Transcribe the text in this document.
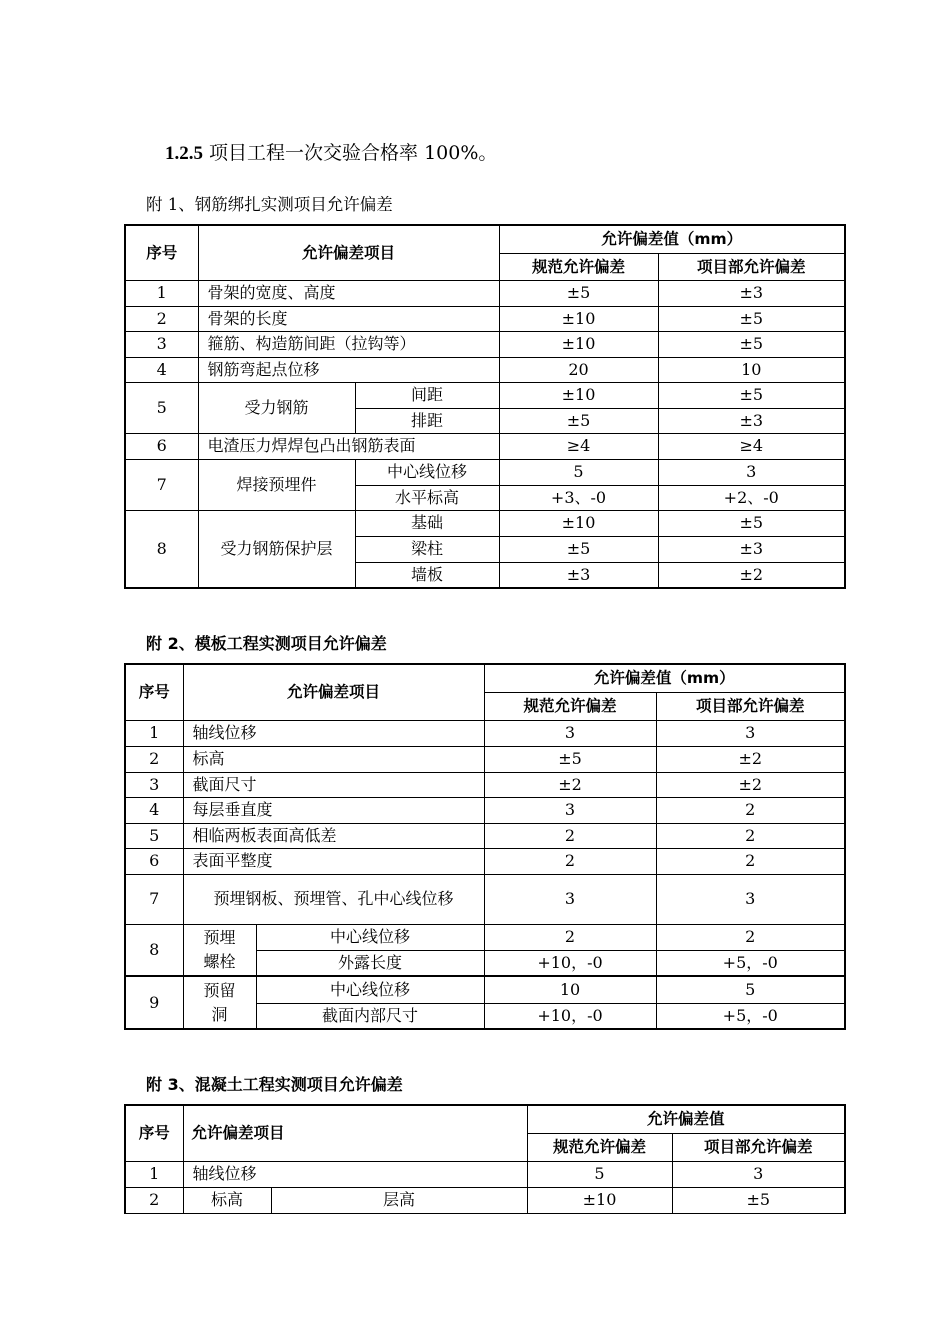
1.2.5 项目工程一次交验合格率 100%。
附 1、钢筋绑扎实测项目允许偏差
序号	允许偏差项目		允许偏差值（mm）	
			规范允许偏差	项目部允许偏差
1	骨架的宽度、高度		±5	±3
2	骨架的长度		±10	±5
3	箍筋、构造筋间距（拉钩等）		±10	±5
4	钢筋弯起点位移		20	10
5	受力钢筋	间距	±10	±5
		排距	±5	±3
6	电渣压力焊焊包凸出钢筋表面		≥4	≥4
7	焊接预埋件	中心线位移	5	3
		水平标高	+3、-0	+2、-0
8	受力钢筋保护层	基础	±10	±5
		梁柱	±5	±3
		墙板	±3	±2
附 2、模板工程实测项目允许偏差
序号	允许偏差项目		允许偏差值（mm）	
			规范允许偏差	项目部允许偏差
1	轴线位移		3	3
2	标高		±5	±2
3	截面尺寸		±2	±2
4	每层垂直度		3	2
5	相临两板表面高低差		2	2
6	表面平整度		2	2
7	预埋钢板、预埋管、孔中心线位移		3	3
8	预埋螺栓	中心线位移	2	2
		外露长度	+10，-0	+5，-0
9	预留洞	中心线位移	10	5
		截面内部尺寸	+10，-0	+5，-0
附 3、混凝土工程实测项目允许偏差
序号	允许偏差项目		允许偏差值	
			规范允许偏差	项目部允许偏差
1	轴线位移		5	3
2	标高	层高	±10	±5
